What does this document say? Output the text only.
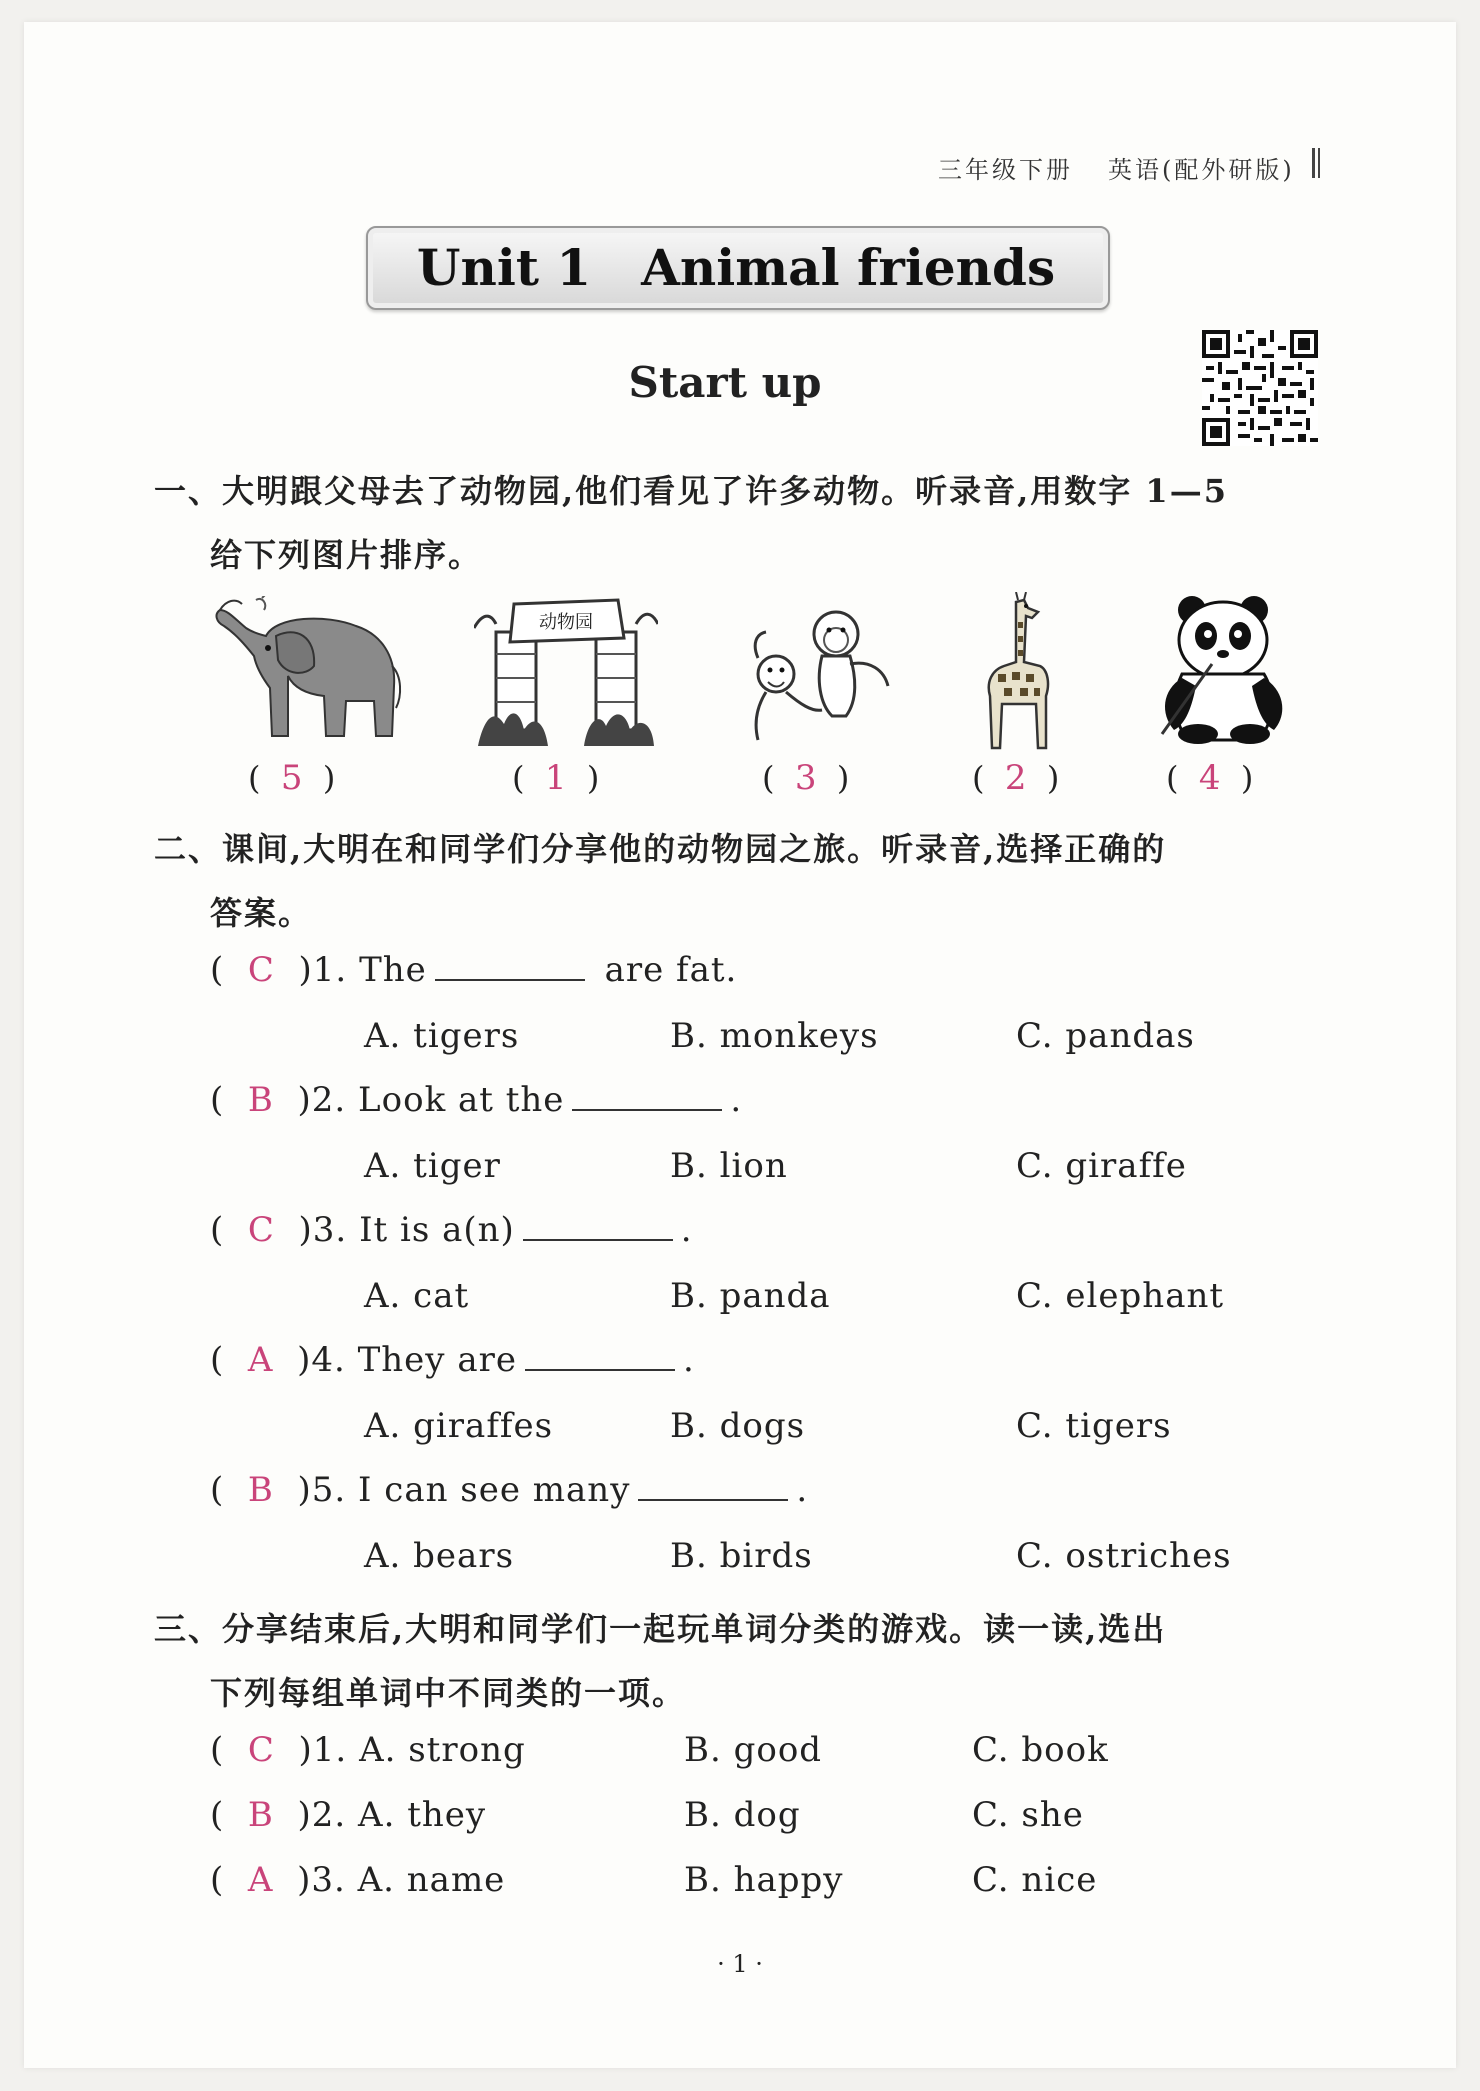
三年级下册 英语(配外研版)
Unit 1 Animal friends
Start up
一、大明跟父母去了动物园,他们看见了许多动物。听录音,用数字 1—5
给下列图片排序。
动物园
(  5  )	(  1  )	(  3  )	(  2  )	(  4  )
二、课间,大明在和同学们分享他的动物园之旅。听录音,选择正确的
答案。
(  C )1. The	are fat.
A. tigers	B. monkeys	C. pandas
(  B )2. Look at the	.
A. tiger	B. lion	C. giraffe
(  C )3. It is a(n)	.
A. cat	B. panda	C. elephant
(  A )4. They are	.
A. giraffes	B. dogs	C. tigers
(  B )5. I can see many	.
A. bears	B. birds	C. ostriches
三、分享结束后,大明和同学们一起玩单词分类的游戏。读一读,选出
下列每组单词中不同类的一项。
(  C )1. A. strong	B. good	C. book
(  B )2. A. they	B. dog	C. she
(  A )3. A. name	B. happy	C. nice
· 1 ·
